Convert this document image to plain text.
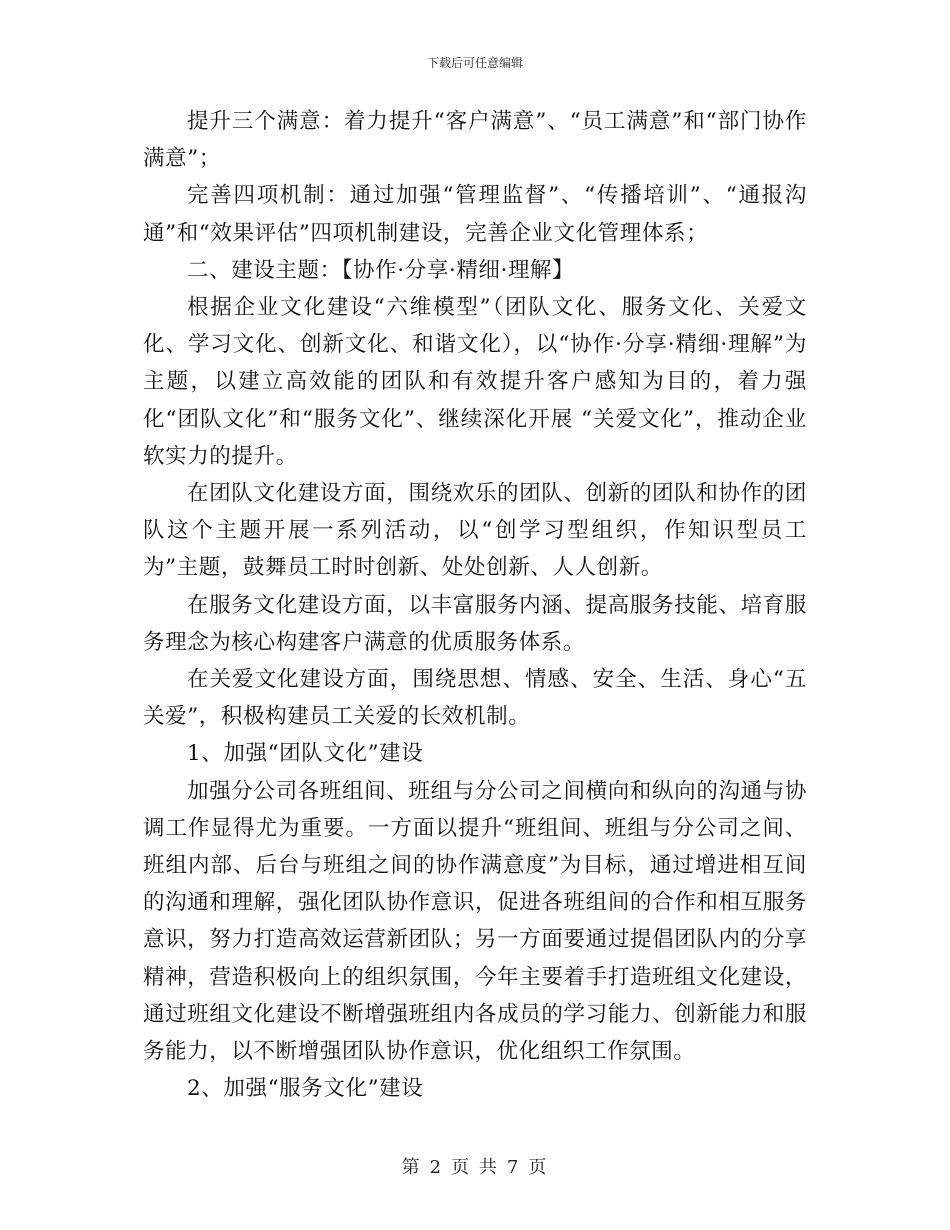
下载后可任意编辑

提升三个满意：着力提升“客户满意”、“员工满意”和“部门协作满意”；

完善四项机制：通过加强“管理监督”、“传播培训”、“通报沟通”和“效果评估”四项机制建设，完善企业文化管理体系；

二、建设主题：【协作·分享·精细·理解】

根据企业文化建设“六维模型”（团队文化、服务文化、关爱文化、学习文化、创新文化、和谐文化），以“协作·分享·精细·理解”为主题，以建立高效能的团队和有效提升客户感知为目的，着力强化“团队文化”和“服务文化”、继续深化开展 “关爱文化”，推动企业软实力的提升。

在团队文化建设方面，围绕欢乐的团队、创新的团队和协作的团队这个主题开展一系列活动，以“创学习型组织，作知识型员工为”主题，鼓舞员工时时创新、处处创新、人人创新。

在服务文化建设方面，以丰富服务内涵、提高服务技能、培育服务理念为核心构建客户满意的优质服务体系。

在关爱文化建设方面，围绕思想、情感、安全、生活、身心“五关爱”，积极构建员工关爱的长效机制。

1、加强“团队文化”建设

加强分公司各班组间、班组与分公司之间横向和纵向的沟通与协调工作显得尤为重要。一方面以提升“班组间、班组与分公司之间、班组内部、后台与班组之间的协作满意度”为目标，通过增进相互间的沟通和理解，强化团队协作意识，促进各班组间的合作和相互服务意识，努力打造高效运营新团队；另一方面要通过提倡团队内的分享精神，营造积极向上的组织氛围，今年主要着手打造班组文化建设，通过班组文化建设不断增强班组内各成员的学习能力、创新能力和服务能力，以不断增强团队协作意识，优化组织工作氛围。

2、加强“服务文化”建设

第 2 页 共 7 页
